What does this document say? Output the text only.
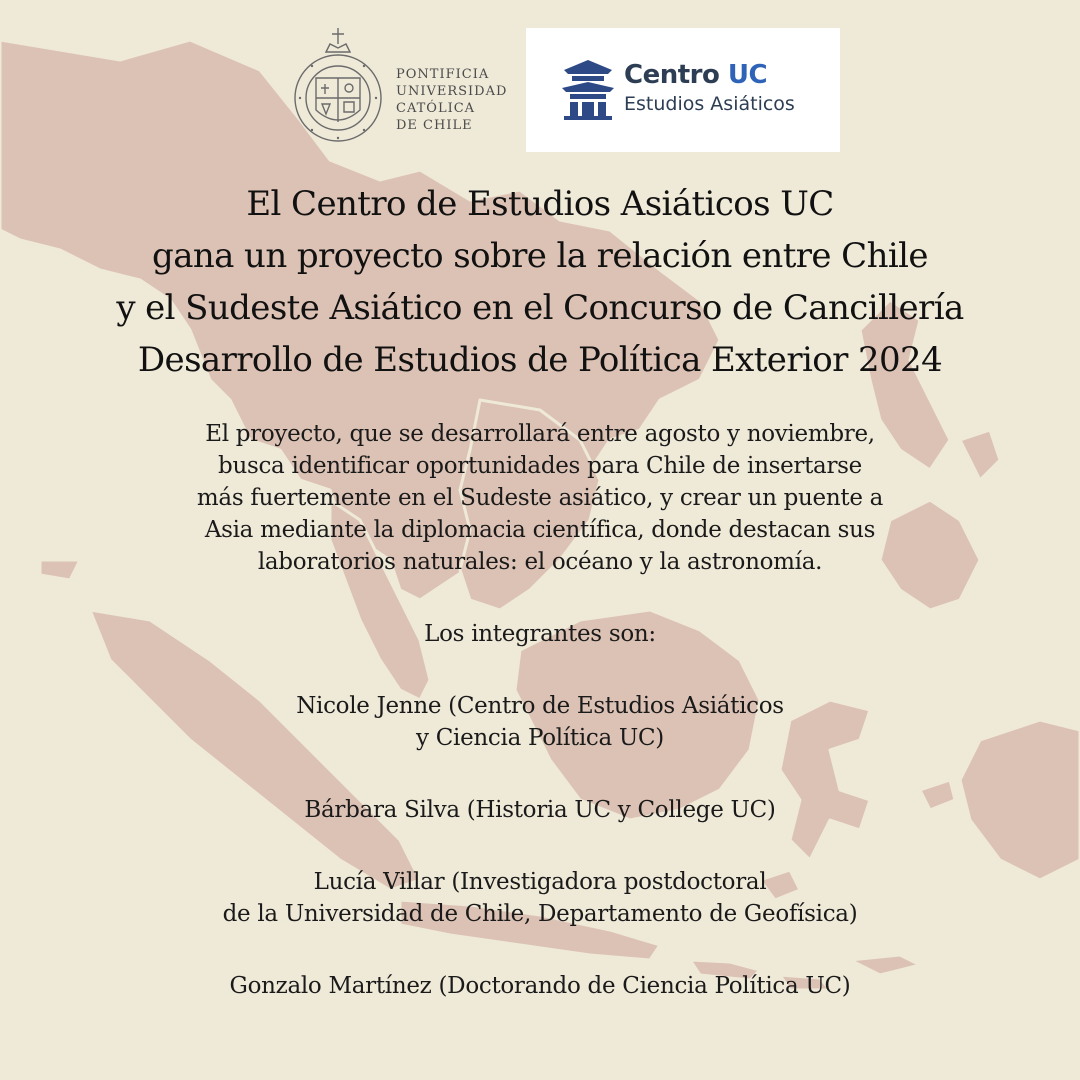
PONTIFICIA
UNIVERSIDAD
CATÓLICA
DE CHILE
Centro UC
Estudios Asiáticos
El Centro de Estudios Asiáticos UC
gana un proyecto sobre la relación entre Chile
y el Sudeste Asiático en el Concurso de Cancillería
Desarrollo de Estudios de Política Exterior 2024
El proyecto, que se desarrollará entre agosto y noviembre,
busca identificar oportunidades para Chile de insertarse
más fuertemente en el Sudeste asiático, y crear un puente a
Asia mediante la diplomacia científica, donde destacan sus
laboratorios naturales: el océano y la astronomía.
Los integrantes son:
Nicole Jenne (Centro de Estudios Asiáticos
y Ciencia Política UC)
Bárbara Silva (Historia UC y College UC)
Lucía Villar (Investigadora postdoctoral
de la Universidad de Chile, Departamento de Geofísica)
Gonzalo Martínez (Doctorando de Ciencia Política UC)
